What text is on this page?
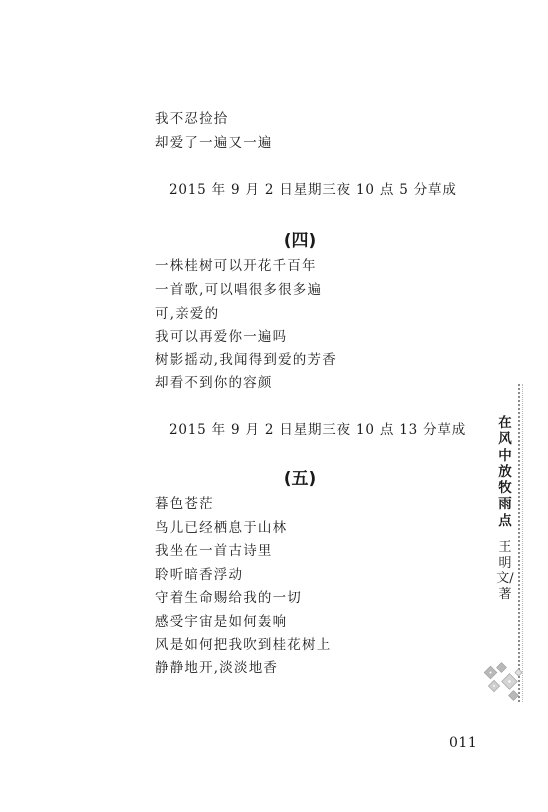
我不忍捡拾
却爱了一遍又一遍
2015 年 9 月 2 日星期三夜 10 点 5 分草成
(四)
一株桂树可以开花千百年
一首歌,可以唱很多很多遍
可,亲爱的
我可以再爱你一遍吗
树影摇动,我闻得到爱的芳香
却看不到你的容颜
2015 年 9 月 2 日星期三夜 10 点 13 分草成
(五)
暮色苍茫
鸟儿已经栖息于山林
我坐在一首古诗里
聆听暗香浮动
守着生命赐给我的一切
感受宇宙是如何轰响
风是如何把我吹到桂花树上
静静地开,淡淡地香
在风中放牧雨点
王明文/著
011
